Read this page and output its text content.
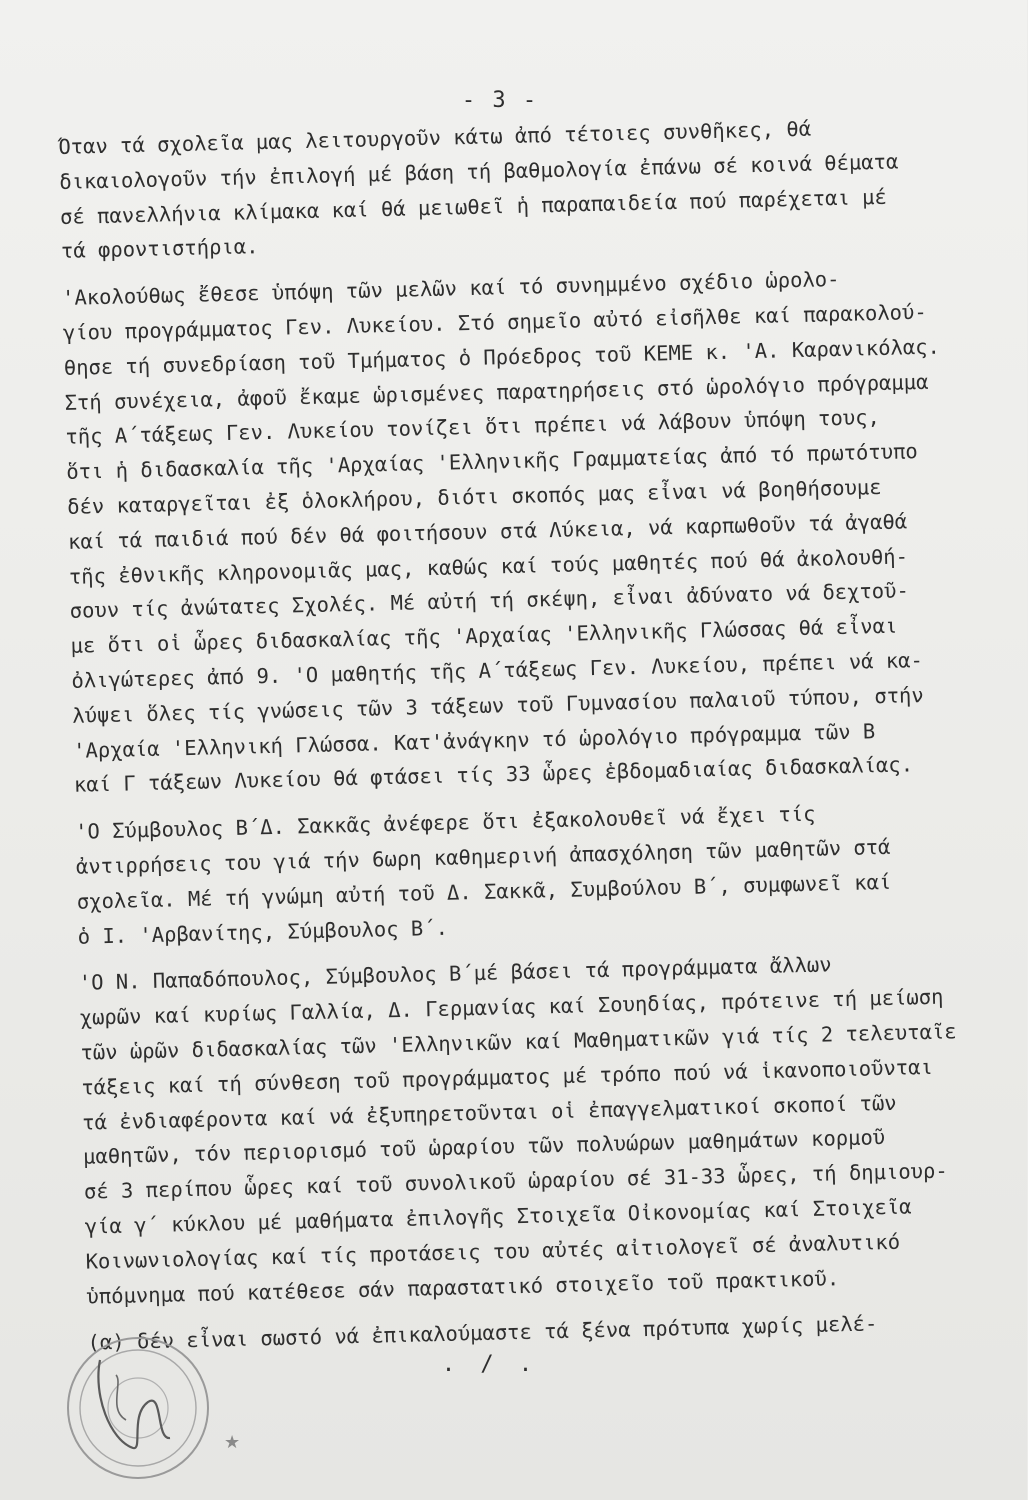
- 3 -
Όταν τά σχολεῖα μας λειτουργοῦν κάτω ἀπό τέτοιες συνθῆκες, θά
δικαιολογοῦν τήν ἐπιλογή μέ βάση τή βαθμολογία ἐπάνω σέ κοινά θέματα
σέ πανελλήνια κλίμακα καί θά μειωθεῖ ἡ παραπαιδεία πού παρέχεται μέ
τά φροντιστήρια.
'Ακολούθως ἔθεσε ὑπόψη τῶν μελῶν καί τό συνημμένο σχέδιο ὡρολο-
γίου προγράμματος Γεν. Λυκείου. Στό σημεῖο αὐτό εἰσῆλθε καί παρακολού-
θησε τή συνεδρίαση τοῦ Τμήματος ὁ Πρόεδρος τοῦ ΚΕΜΕ κ. 'Α. Καρανικόλας.
Στή συνέχεια, ἀφοῦ ἔκαμε ὡρισμένες παρατηρήσεις στό ὡρολόγιο πρόγραμμα
τῆς Α΄τάξεως Γεν. Λυκείου τονίζει ὅτι πρέπει νά λάβουν ὑπόψη τους,
ὅτι ἡ διδασκαλία τῆς 'Αρχαίας 'Ελληνικῆς Γραμματείας ἀπό τό πρωτότυπο
δέν καταργεῖται ἐξ ὁλοκλήρου, διότι σκοπός μας εἶναι νά βοηθήσουμε
καί τά παιδιά πού δέν θά φοιτήσουν στά Λύκεια, νά καρπωθοῦν τά ἀγαθά
τῆς ἐθνικῆς κληρονομιᾶς μας, καθώς καί τούς μαθητές πού θά ἀκολουθή-
σουν τίς ἀνώτατες Σχολές. Μέ αὐτή τή σκέψη, εἶναι ἀδύνατο νά δεχτοῦ-
με ὅτι οἱ ὧρες διδασκαλίας τῆς 'Αρχαίας 'Ελληνικῆς Γλώσσας θά εἶναι
ὀλιγώτερες ἀπό 9. 'Ο μαθητής τῆς Α΄τάξεως Γεν. Λυκείου, πρέπει νά κα-
λύψει ὅλες τίς γνώσεις τῶν 3 τάξεων τοῦ Γυμνασίου παλαιοῦ τύπου, στήν
'Αρχαία 'Ελληνική Γλώσσα. Κατ'ἀνάγκην τό ὡρολόγιο πρόγραμμα τῶν Β
καί Γ τάξεων Λυκείου θά φτάσει τίς 33 ὧρες ἑβδομαδιαίας διδασκαλίας.
'Ο Σύμβουλος Β΄Δ. Σακκᾶς ἀνέφερε ὅτι ἐξακολουθεῖ νά ἔχει τίς
ἀντιρρήσεις του γιά τήν 6ωρη καθημερινή ἀπασχόληση τῶν μαθητῶν στά
σχολεῖα. Μέ τή γνώμη αὐτή τοῦ Δ. Σακκᾶ, Συμβούλου Β΄, συμφωνεῖ καί
ὁ Ι. 'Αρβανίτης, Σύμβουλος Β΄.
'Ο Ν. Παπαδόπουλος, Σύμβουλος Β΄μέ βάσει τά προγράμματα ἄλλων
χωρῶν καί κυρίως Γαλλία, Δ. Γερμανίας καί Σουηδίας, πρότεινε τή μείωση
τῶν ὡρῶν διδασκαλίας τῶν 'Ελληνικῶν καί Μαθηματικῶν γιά τίς 2 τελευταῖε
τάξεις καί τή σύνθεση τοῦ προγράμματος μέ τρόπο πού νά ἱκανοποιοῦνται
τά ἐνδιαφέροντα καί νά ἐξυπηρετοῦνται οἱ ἐπαγγελματικοί σκοποί τῶν
μαθητῶν, τόν περιορισμό τοῦ ὡραρίου τῶν πολυώρων μαθημάτων κορμοῦ
σέ 3 περίπου ὧρες καί τοῦ συνολικοῦ ὡραρίου σέ 31-33 ὧρες, τή δημιουρ-
γία γ΄ κύκλου μέ μαθήματα ἐπιλογῆς Στοιχεῖα Οἰκονομίας καί Στοιχεῖα
Κοινωνιολογίας καί τίς προτάσεις του αὐτές αἰτιολογεῖ σέ ἀναλυτικό
ὑπόμνημα πού κατέθεσε σάν παραστατικό στοιχεῖο τοῦ πρακτικοῦ.
(α) δέν εἶναι σωστό νά ἐπικαλούμαστε τά ξένα πρότυπα χωρίς μελέ-
. / .
★
